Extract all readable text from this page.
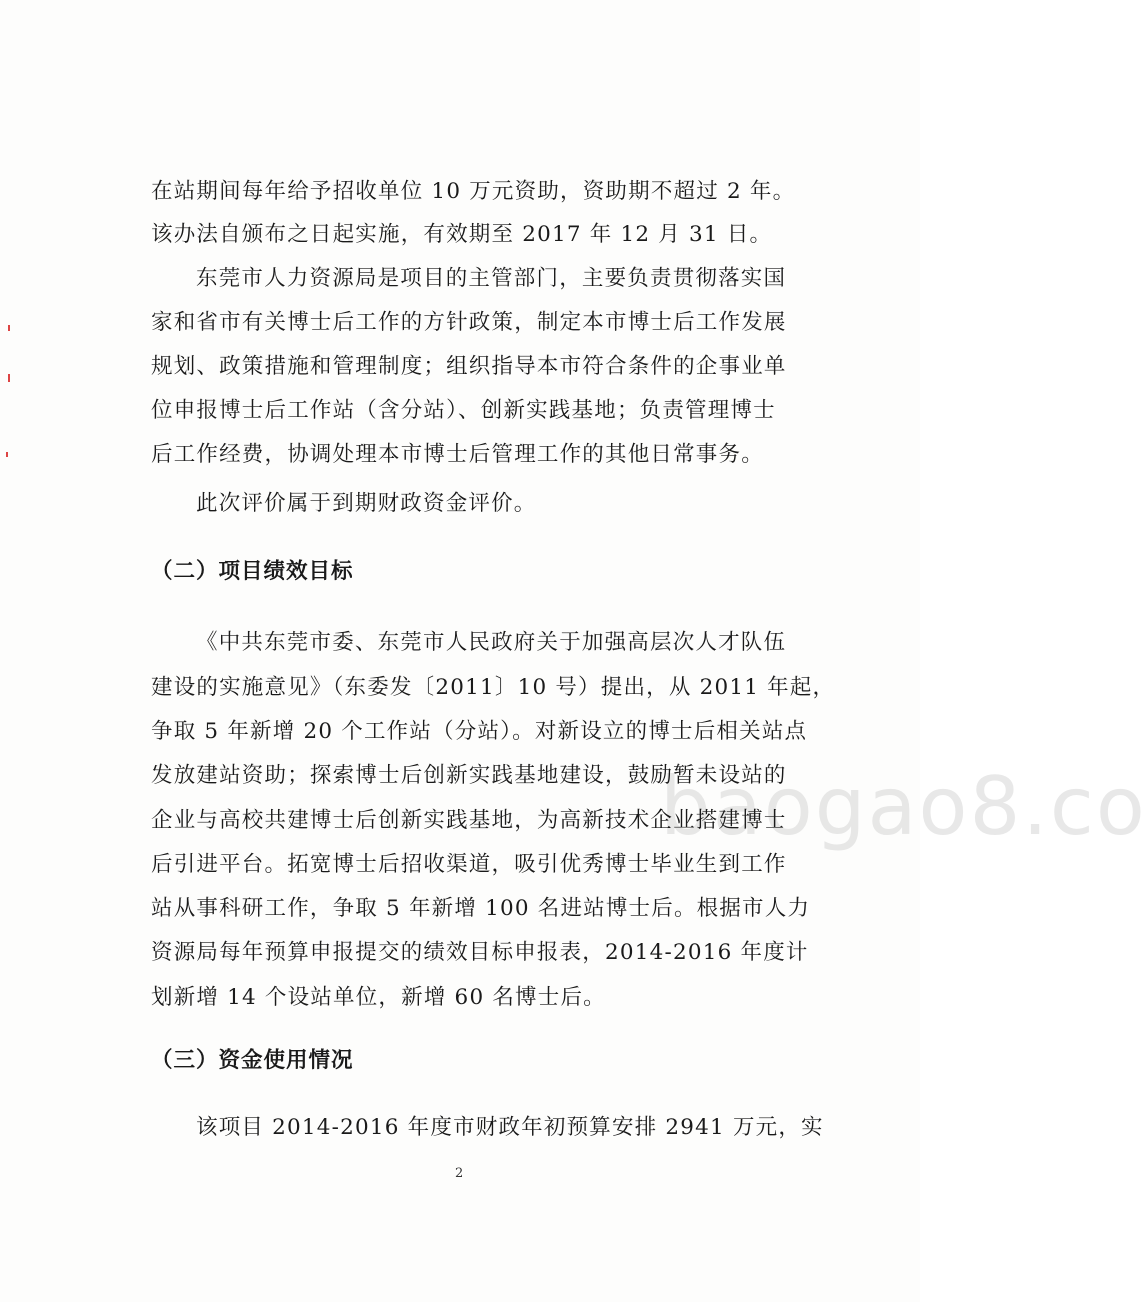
baogao8.co
在站期间每年给予招收单位 10 万元资助，资助期不超过 2 年。
该办法自颁布之日起实施，有效期至 2017 年 12 月 31 日。
东莞市人力资源局是项目的主管部门，主要负责贯彻落实国
家和省市有关博士后工作的方针政策，制定本市博士后工作发展
规划、政策措施和管理制度；组织指导本市符合条件的企事业单
位申报博士后工作站（含分站）、创新实践基地；负责管理博士
后工作经费，协调处理本市博士后管理工作的其他日常事务。
此次评价属于到期财政资金评价。
（二）项目绩效目标
《中共东莞市委、东莞市人民政府关于加强高层次人才队伍
建设的实施意见》（东委发〔2011〕10 号）提出，从 2011 年起，
争取 5 年新增 20 个工作站（分站）。对新设立的博士后相关站点
发放建站资助；探索博士后创新实践基地建设，鼓励暂未设站的
企业与高校共建博士后创新实践基地，为高新技术企业搭建博士
后引进平台。拓宽博士后招收渠道，吸引优秀博士毕业生到工作
站从事科研工作，争取 5 年新增 100 名进站博士后。根据市人力
资源局每年预算申报提交的绩效目标申报表，2014-2016 年度计
划新增 14 个设站单位，新增 60 名博士后。
（三）资金使用情况
该项目 2014-2016 年度市财政年初预算安排 2941 万元，实
2
